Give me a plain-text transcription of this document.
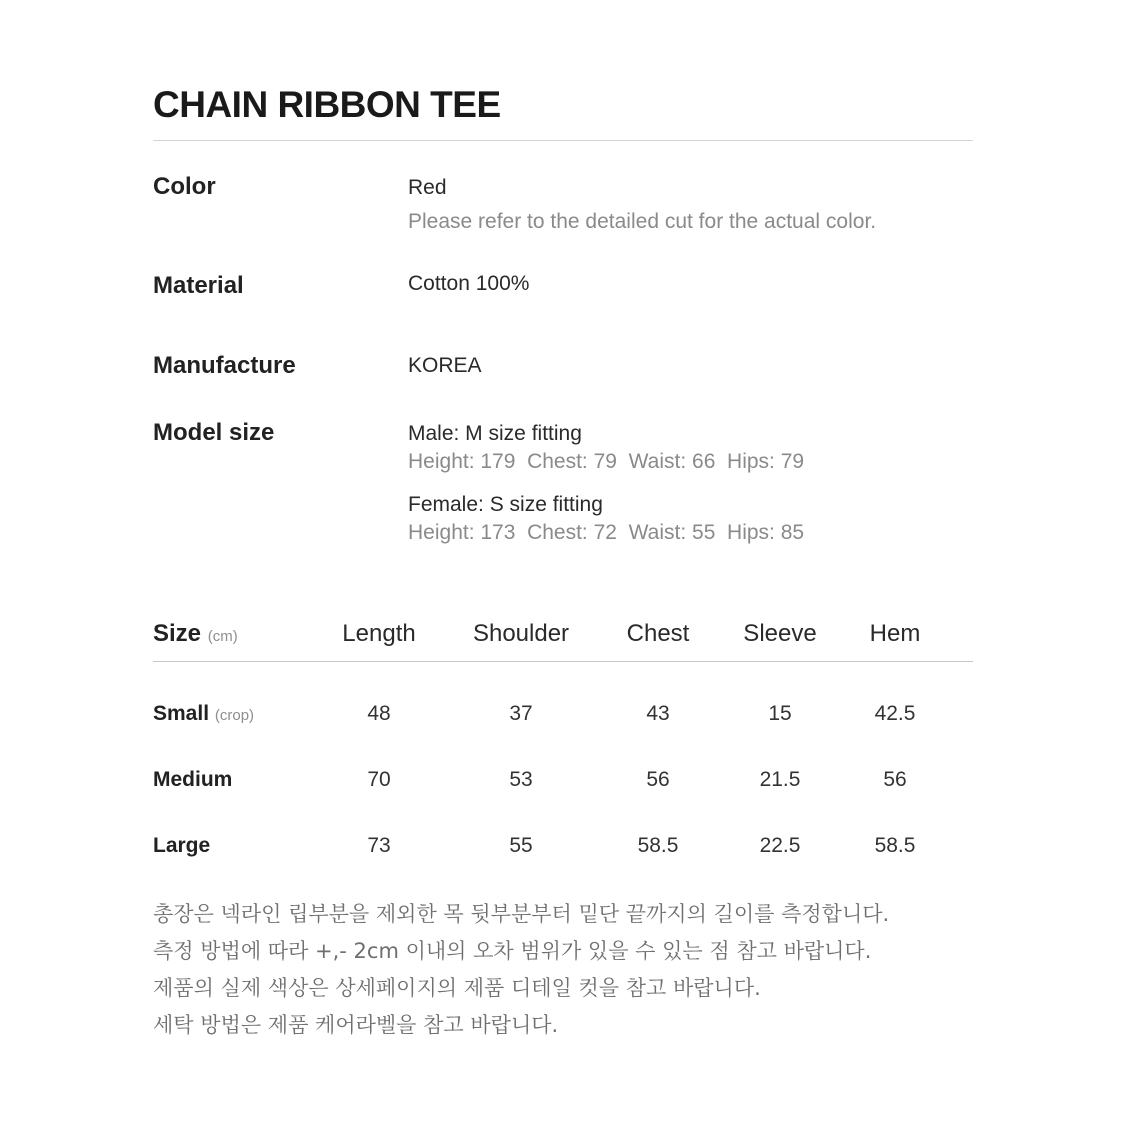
CHAIN RIBBON TEE
Color	Red
Please refer to the detailed cut for the actual color.
Material	Cotton 100%
Manufacture	KOREA
Model size	Male: M size fitting
Height: 179  Chest: 79  Waist: 66  Hips: 79
Female: S size fitting
Height: 173  Chest: 72  Waist: 55  Hips: 85
Size (cm)	Length Shoulder Chest Sleeve Hem
Small (crop)	48	37	43	15	42.5
Medium	70	53	56	21.5	56
Large	73	55	58.5	22.5	58.5
총장은 넥라인 립부분을 제외한 목 뒷부분부터 밑단 끝까지의 길이를 측정합니다.
측정 방법에 따라 +,- 2cm 이내의 오차 범위가 있을 수 있는 점 참고 바랍니다.
제품의 실제 색상은 상세페이지의 제품 디테일 컷을 참고 바랍니다.
세탁 방법은 제품 케어라벨을 참고 바랍니다.
